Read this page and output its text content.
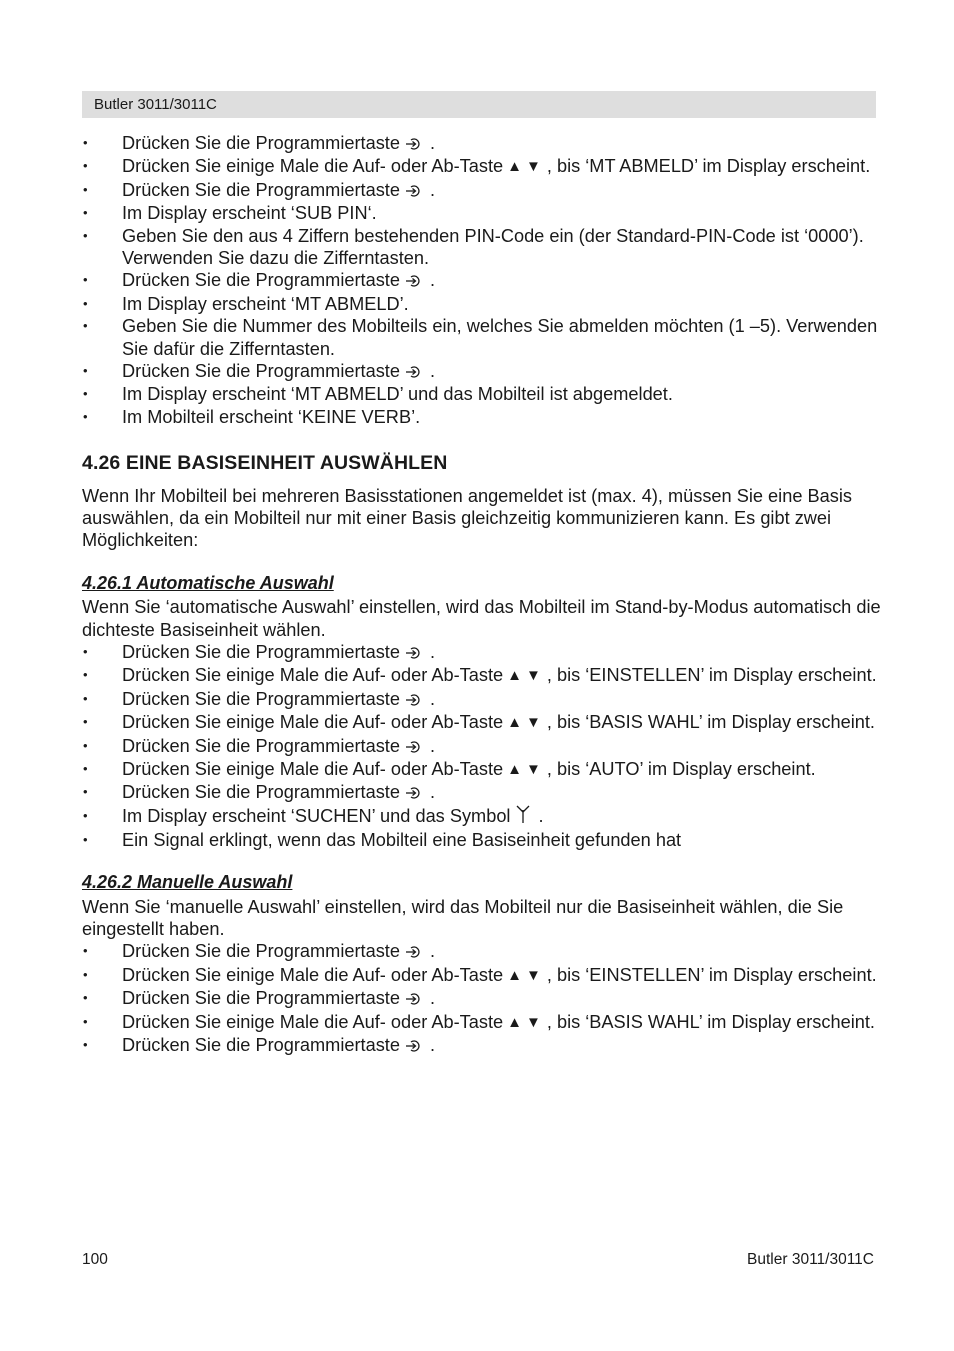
Butler 3011/3011C
• Drücken Sie die Programmiertaste .
• Drücken Sie einige Male die Auf- oder Ab-Taste ▲▼ , bis ‘MT ABMELD’ im Display erscheint.
• Drücken Sie die Programmiertaste .
• Im Display erscheint ‘SUB PIN‘.
• Geben Sie den aus 4 Ziffern bestehenden PIN-Code ein (der Standard-PIN-Code ist ‘0000’). Verwenden Sie dazu die Zifferntasten.
• Drücken Sie die Programmiertaste .
• Im Display erscheint ‘MT ABMELD’.
• Geben Sie die Nummer des Mobilteils ein, welches Sie abmelden möchten (1 –5). Verwenden Sie dafür die Zifferntasten.
• Drücken Sie die Programmiertaste .
• Im Display erscheint ‘MT ABMELD’ und das Mobilteil ist abgemeldet.
• Im Mobilteil erscheint ‘KEINE VERB’.
4.26 EINE BASISEINHEIT AUSWÄHLEN

Wenn Ihr Mobilteil bei mehreren Basisstationen angemeldet ist (max. 4), müssen Sie eine Basis auswählen, da ein Mobilteil nur mit einer Basis gleichzeitig kommunizieren kann. Es gibt zwei Möglichkeiten:

4.26.1 Automatische Auswahl

Wenn Sie ‘automatische Auswahl’ einstellen, wird das Mobilteil im Stand-by-Modus automatisch die dichteste Basiseinheit wählen.

• Drücken Sie die Programmiertaste .
• Drücken Sie einige Male die Auf- oder Ab-Taste ▲▼ , bis ‘EINSTELLEN’ im Display erscheint.
• Drücken Sie die Programmiertaste .
• Drücken Sie einige Male die Auf- oder Ab-Taste ▲▼ , bis ‘BASIS WAHL’ im Display erscheint.
• Drücken Sie die Programmiertaste .
• Drücken Sie einige Male die Auf- oder Ab-Taste ▲▼ , bis ‘AUTO’ im Display erscheint.
• Drücken Sie die Programmiertaste .
• Im Display erscheint ‘SUCHEN’ und das Symbol .
• Ein Signal erklingt, wenn das Mobilteil eine Basiseinheit gefunden hat
4.26.2 Manuelle Auswahl

Wenn Sie ‘manuelle Auswahl’ einstellen, wird das Mobilteil nur die Basiseinheit wählen, die Sie eingestellt haben.

• Drücken Sie die Programmiertaste .
• Drücken Sie einige Male die Auf- oder Ab-Taste ▲▼ , bis ‘EINSTELLEN’ im Display erscheint.
• Drücken Sie die Programmiertaste .
• Drücken Sie einige Male die Auf- oder Ab-Taste ▲▼ , bis ‘BASIS WAHL’ im Display erscheint.
• Drücken Sie die Programmiertaste .
100	Butler 3011/3011C
